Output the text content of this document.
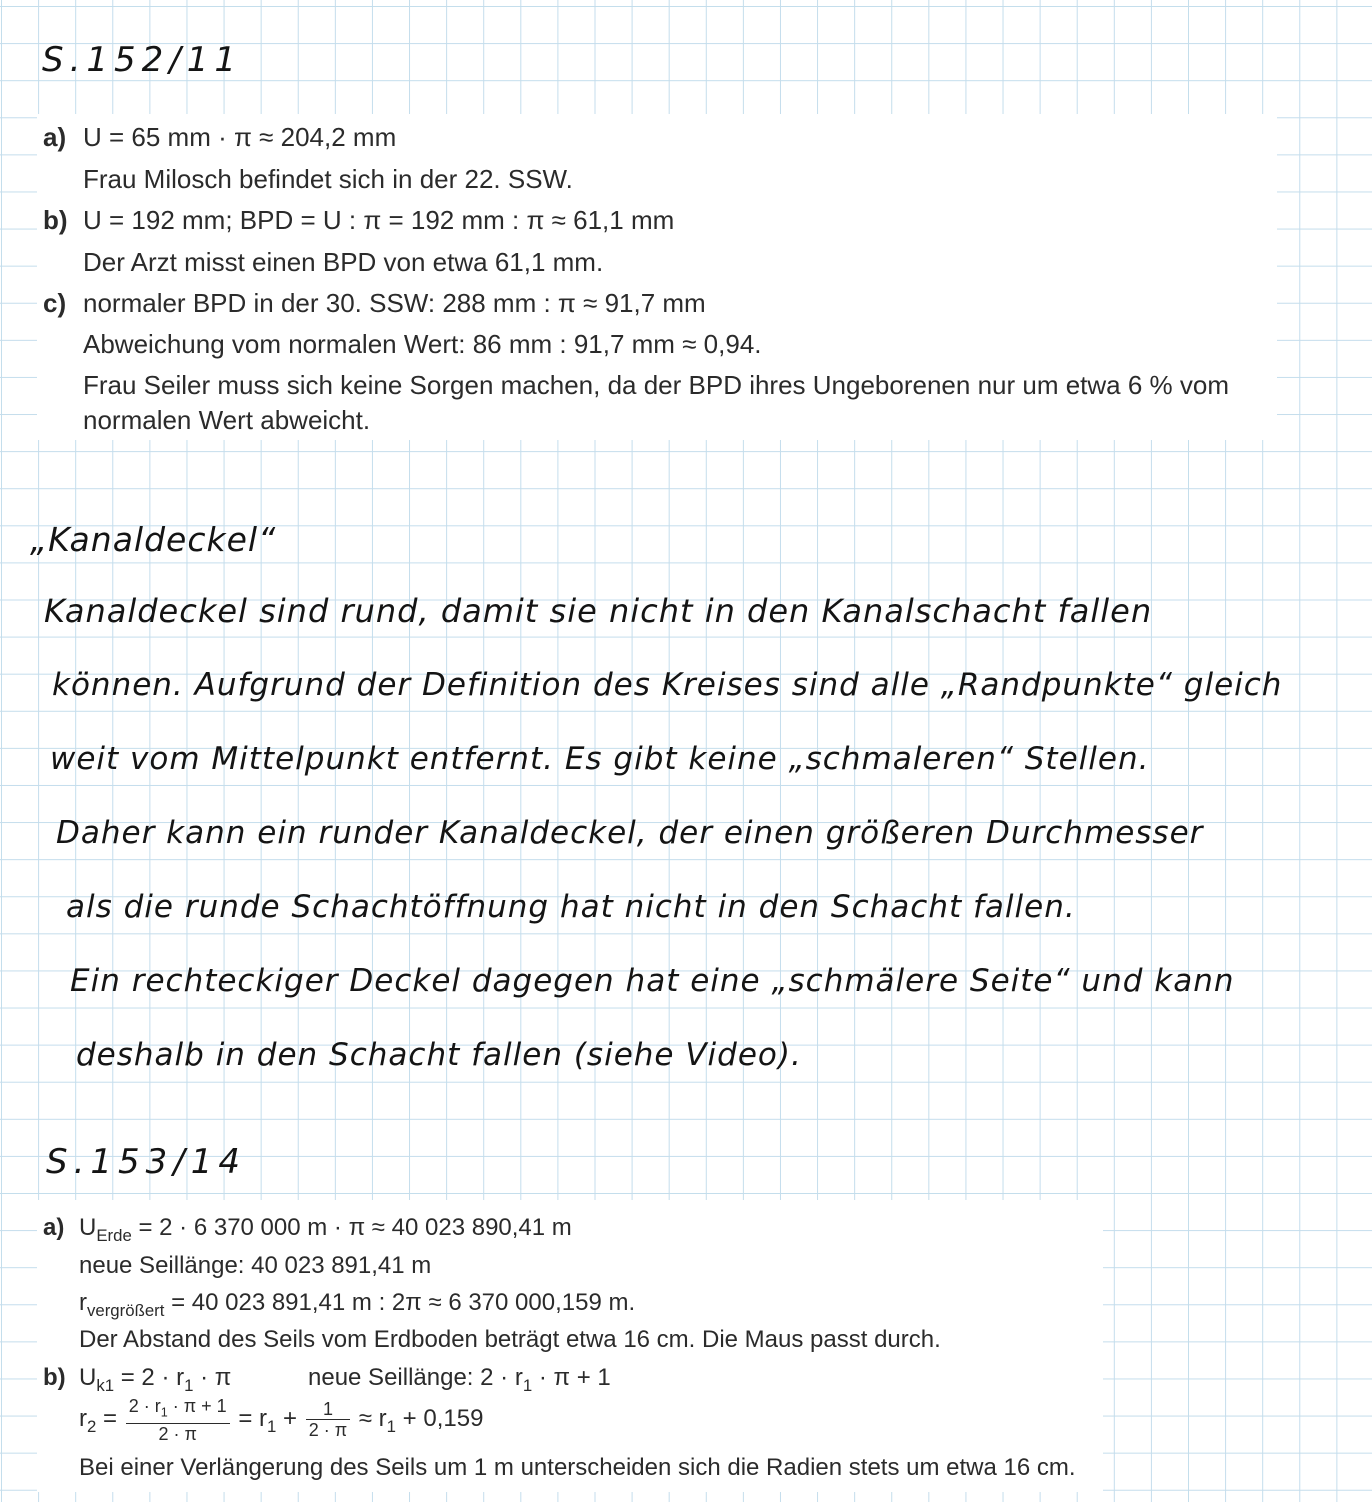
S.152/11
a) U = 65 mm · π ≈ 204,2 mm
Frau Milosch befindet sich in der 22. SSW.
b) U = 192 mm; BPD = U : π = 192 mm : π ≈ 61,1 mm
Der Arzt misst einen BPD von etwa 61,1 mm.
c) normaler BPD in der 30. SSW: 288 mm : π ≈ 91,7 mm
Abweichung vom normalen Wert: 86 mm : 91,7 mm ≈ 0,94.
Frau Seiler muss sich keine Sorgen machen, da der BPD ihres Ungeborenen nur um etwa 6 % vom
normalen Wert abweicht.
„Kanaldeckel“
Kanaldeckel sind rund, damit sie nicht in den Kanalschacht fallen
können. Aufgrund der Definition des Kreises sind alle „Randpunkte“ gleich
weit vom Mittelpunkt entfernt. Es gibt keine „schmaleren“ Stellen.
Daher kann ein runder Kanaldeckel, der einen größeren Durchmesser
als die runde Schachtöffnung hat nicht in den Schacht fallen.
Ein rechteckiger Deckel dagegen hat eine „schmälere Seite“ und kann
deshalb in den Schacht fallen (siehe Video).
S.153/14
a) $U_{Erde} = 2 \cdot 6$ 370 000 m · π ≈ 40 023 890,41 m
neue Seillänge: 40 023 891,41 m
$r_{vergrößert} = 40$ 023 891,41 m : 2π ≈ 6 370 000,159 m.
Der Abstand des Seils vom Erdboden beträgt etwa 16 cm. Die Maus passt durch.
b) $U_{k1} = 2 \cdot r_1 \cdot \pi$	neue Seillänge: $2 \cdot r_1 \cdot \pi + 1$
$r_2 = \frac{2 \cdot r_1 \cdot \pi + 1}{2 \cdot \pi} = r_1 + \frac{1}{2 \cdot \pi} \approx r_1 + 0,159$
Bei einer Verlängerung des Seils um 1 m unterscheiden sich die Radien stets um etwa 16 cm.
